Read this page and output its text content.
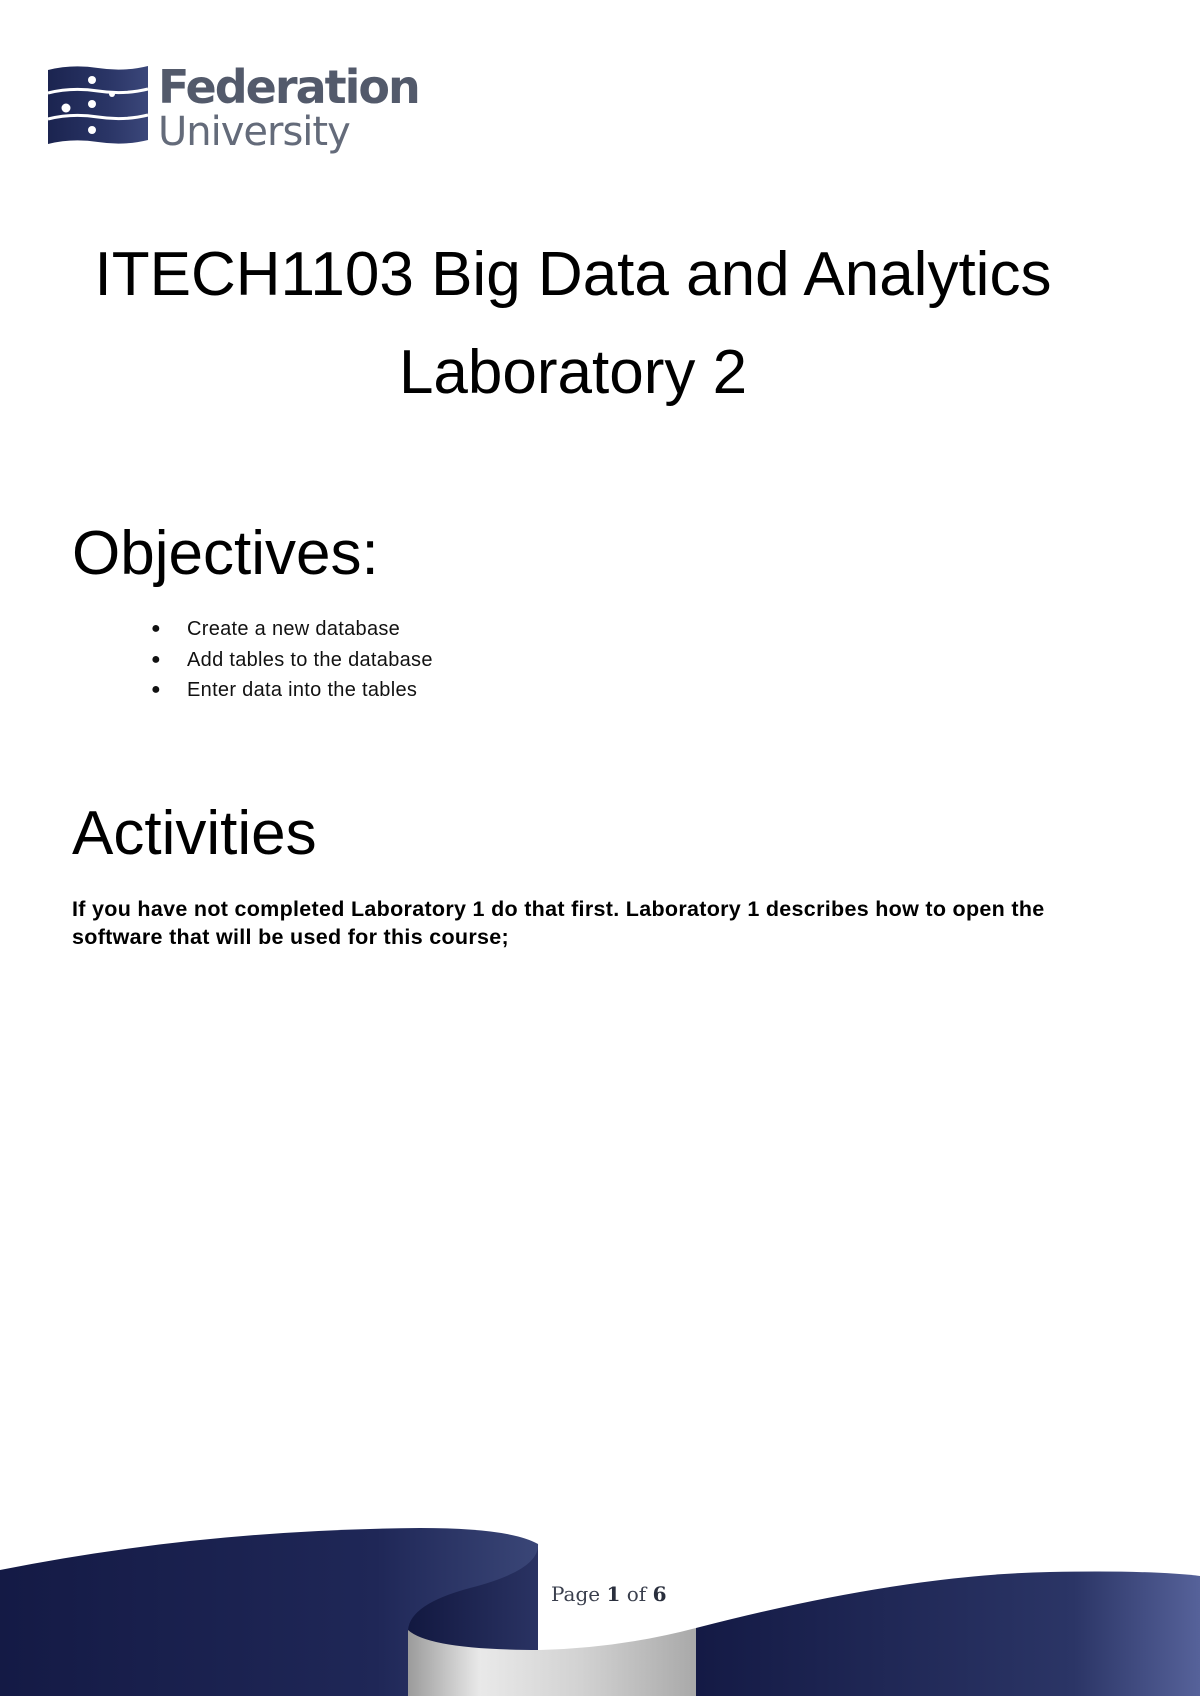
Federation
University
ITECH1103 Big Data and Analytics
Laboratory 2
Objectives:
● Create a new database
● Add tables to the database
● Enter data into the tables
Activities

If you have not completed Laboratory 1 do that first. Laboratory 1 describes how to open the software that will be used for this course;

Page 1 of 6
